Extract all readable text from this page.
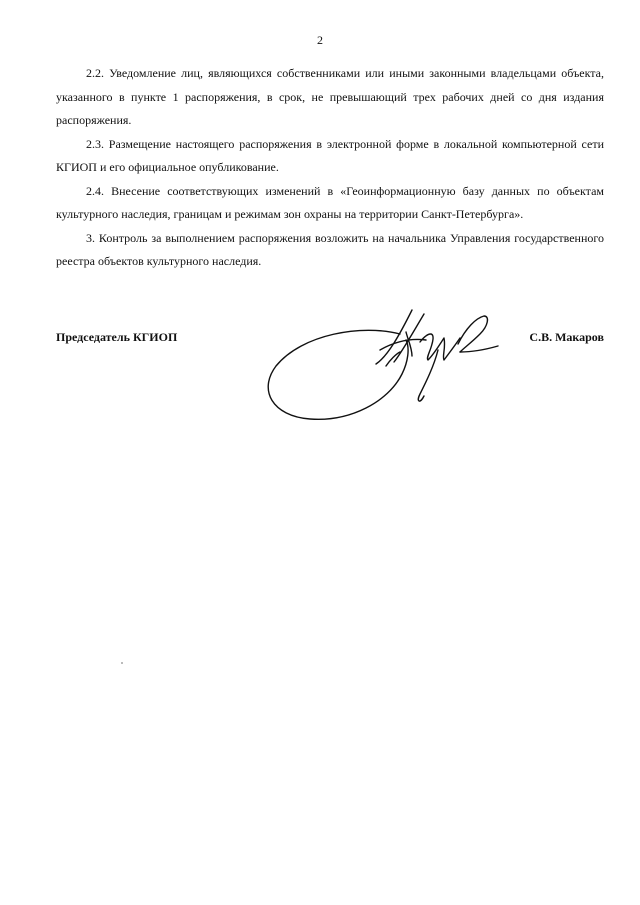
2

2.2. Уведомление лиц, являющихся собственниками или иными законными владельцами объекта, указанного в пункте 1 распоряжения, в срок, не превышающий трех рабочих дней со дня издания распоряжения.

2.3. Размещение настоящего распоряжения в электронной форме в локальной компьютерной сети КГИОП и его официальное опубликование.

2.4. Внесение соответствующих изменений в «Геоинформационную базу данных по объектам культурного наследия, границам и режимам зон охраны на территории Санкт-Петербурга».

3. Контроль за выполнением распоряжения возложить на начальника Управления государственного реестра объектов культурного наследия.

Председатель КГИОП	С.В. Макаров
